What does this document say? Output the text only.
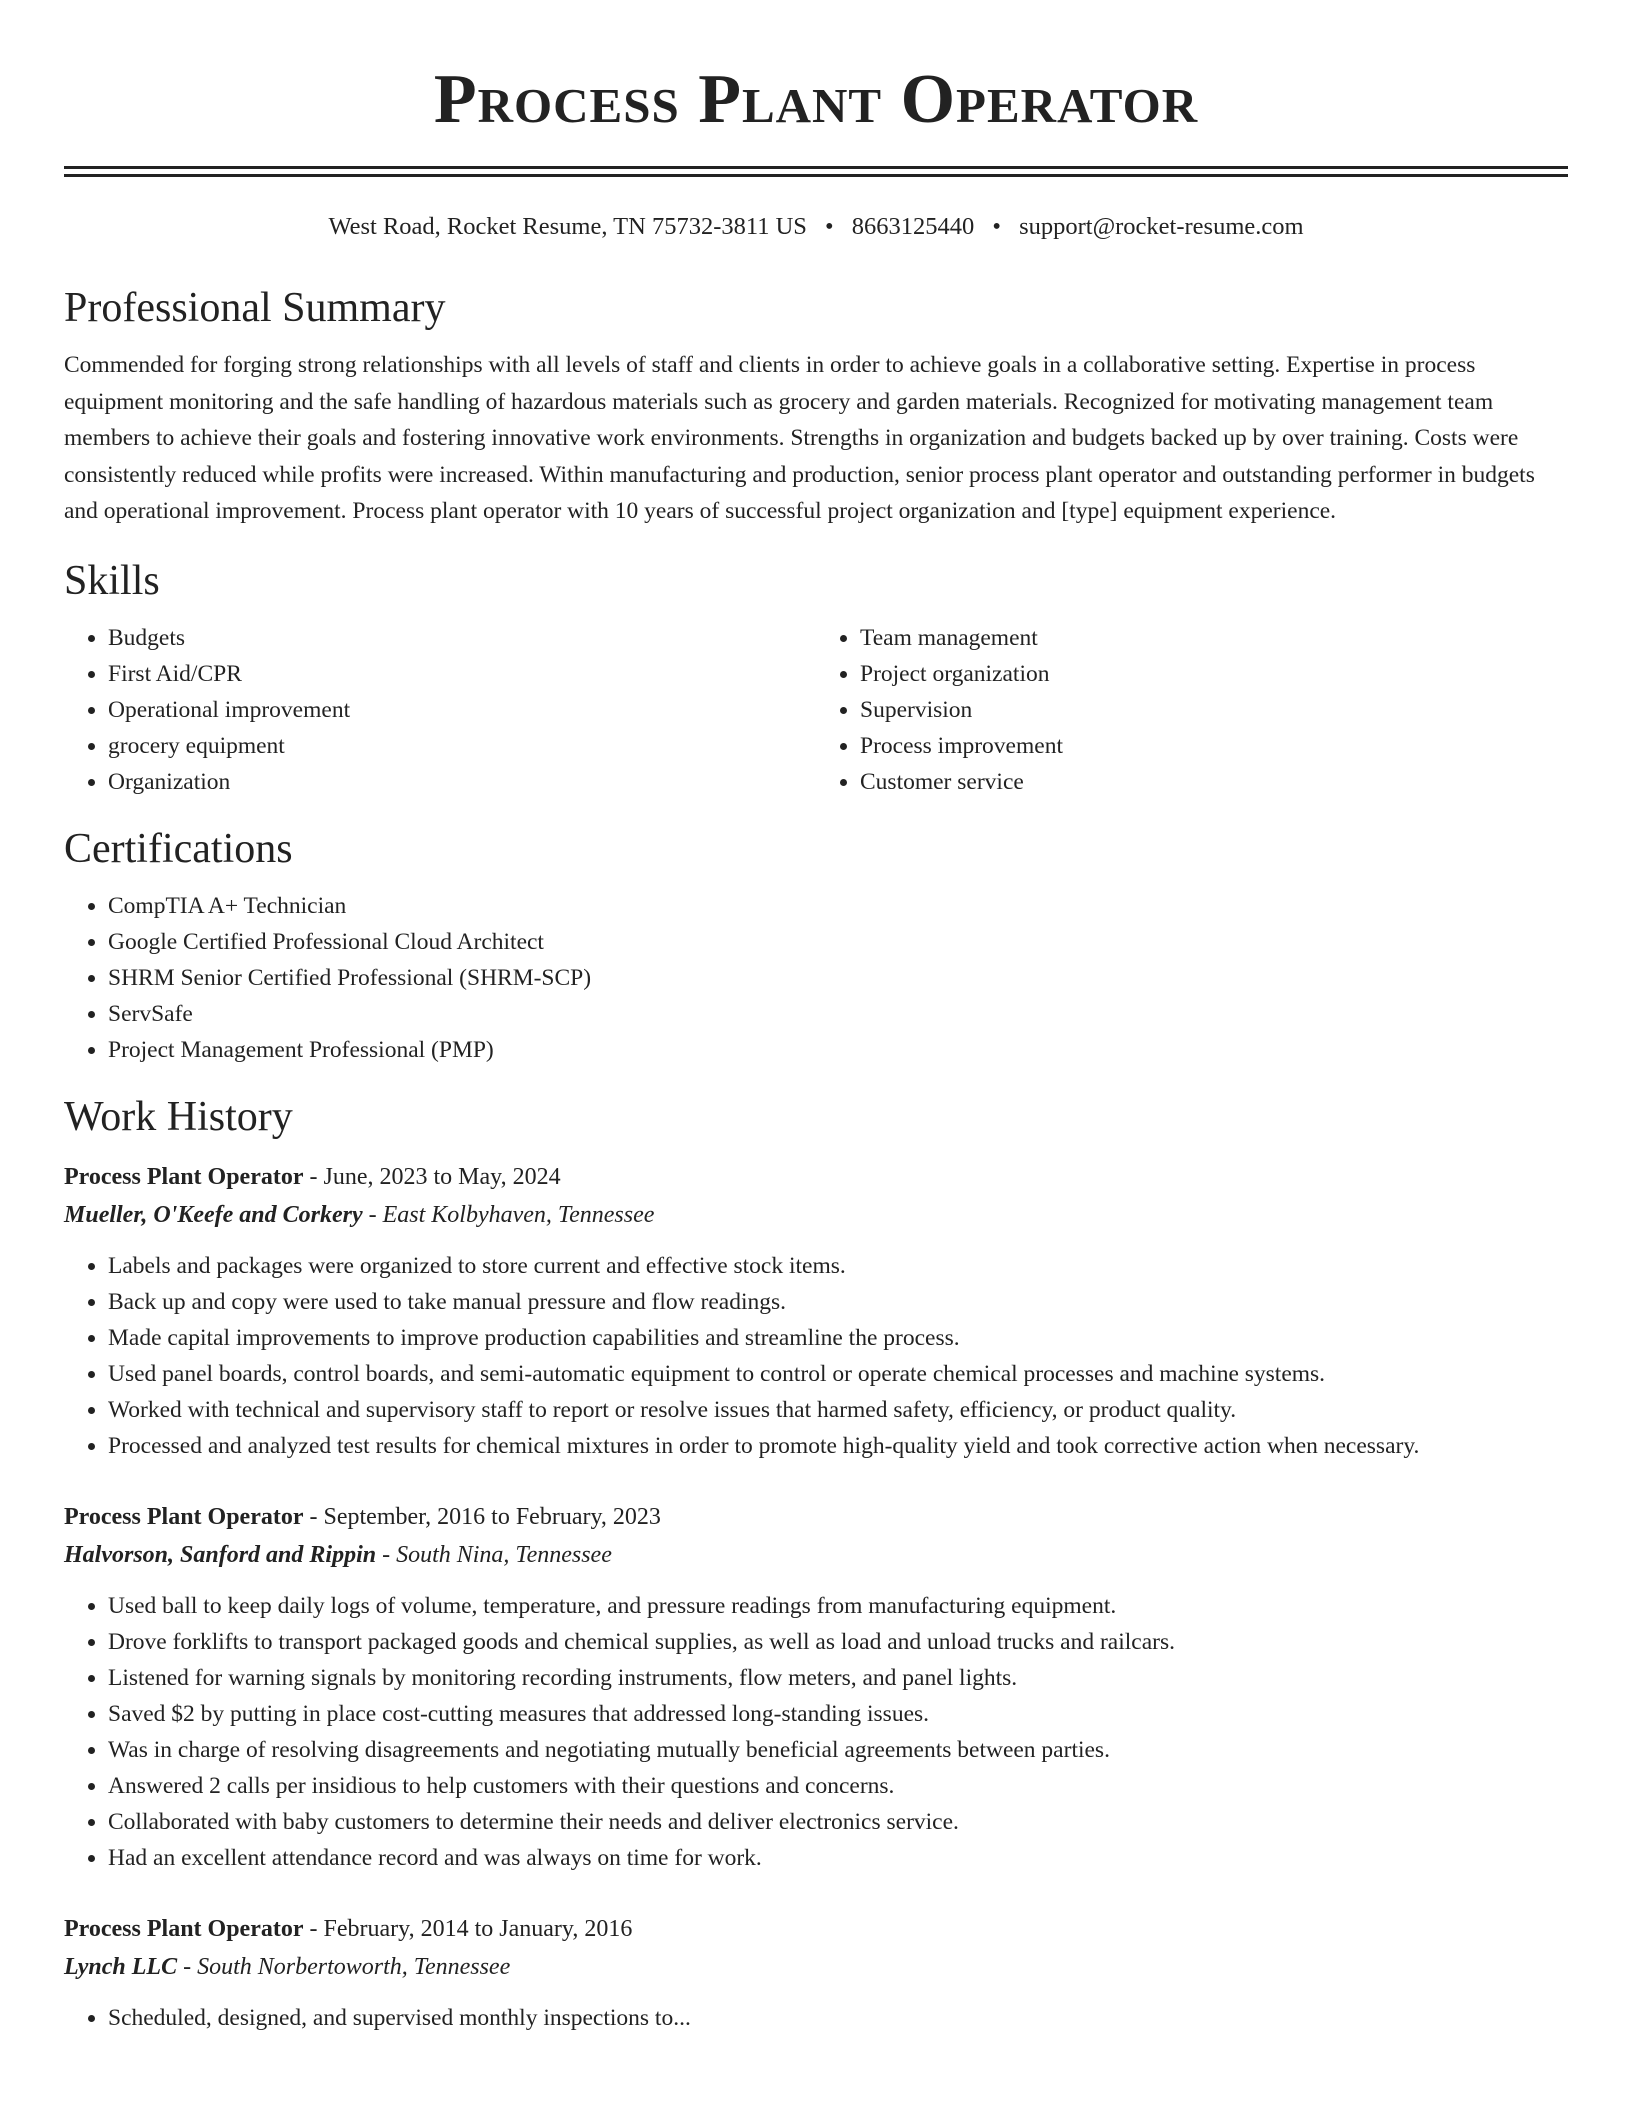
Process Plant Operator
West Road, Rocket Resume, TN 75732-3811 US • 8663125440 • support@rocket-resume.com
Professional Summary

Commended for forging strong relationships with all levels of staff and clients in order to achieve goals in a collaborative setting. Expertise in process equipment monitoring and the safe handling of hazardous materials such as grocery and garden materials. Recognized for motivating management team members to achieve their goals and fostering innovative work environments. Strengths in organization and budgets backed up by over training. Costs were consistently reduced while profits were increased. Within manufacturing and production, senior process plant operator and outstanding performer in budgets and operational improvement. Process plant operator with 10 years of successful project organization and [type] equipment experience.

Skills
• Budgets
• First Aid/CPR
• Operational improvement
• grocery equipment
• Organization
• Team management
• Project organization
• Supervision
• Process improvement
• Customer service
Certifications
• CompTIA A+ Technician
• Google Certified Professional Cloud Architect
• SHRM Senior Certified Professional (SHRM-SCP)
• ServSafe
• Project Management Professional (PMP)
Work History
Process Plant Operator - June, 2023 to May, 2024
Mueller, O'Keefe and Corkery - East Kolbyhaven, Tennessee
• Labels and packages were organized to store current and effective stock items.
• Back up and copy were used to take manual pressure and flow readings.
• Made capital improvements to improve production capabilities and streamline the process.
• Used panel boards, control boards, and semi-automatic equipment to control or operate chemical processes and machine systems.
• Worked with technical and supervisory staff to report or resolve issues that harmed safety, efficiency, or product quality.
• Processed and analyzed test results for chemical mixtures in order to promote high-quality yield and took corrective action when necessary.
Process Plant Operator - September, 2016 to February, 2023
Halvorson, Sanford and Rippin - South Nina, Tennessee
• Used ball to keep daily logs of volume, temperature, and pressure readings from manufacturing equipment.
• Drove forklifts to transport packaged goods and chemical supplies, as well as load and unload trucks and railcars.
• Listened for warning signals by monitoring recording instruments, flow meters, and panel lights.
• Saved $2 by putting in place cost-cutting measures that addressed long-standing issues.
• Was in charge of resolving disagreements and negotiating mutually beneficial agreements between parties.
• Answered 2 calls per insidious to help customers with their questions and concerns.
• Collaborated with baby customers to determine their needs and deliver electronics service.
• Had an excellent attendance record and was always on time for work.
Process Plant Operator - February, 2014 to January, 2016
Lynch LLC - South Norbertoworth, Tennessee
• Scheduled, designed, and supervised monthly inspections to...
